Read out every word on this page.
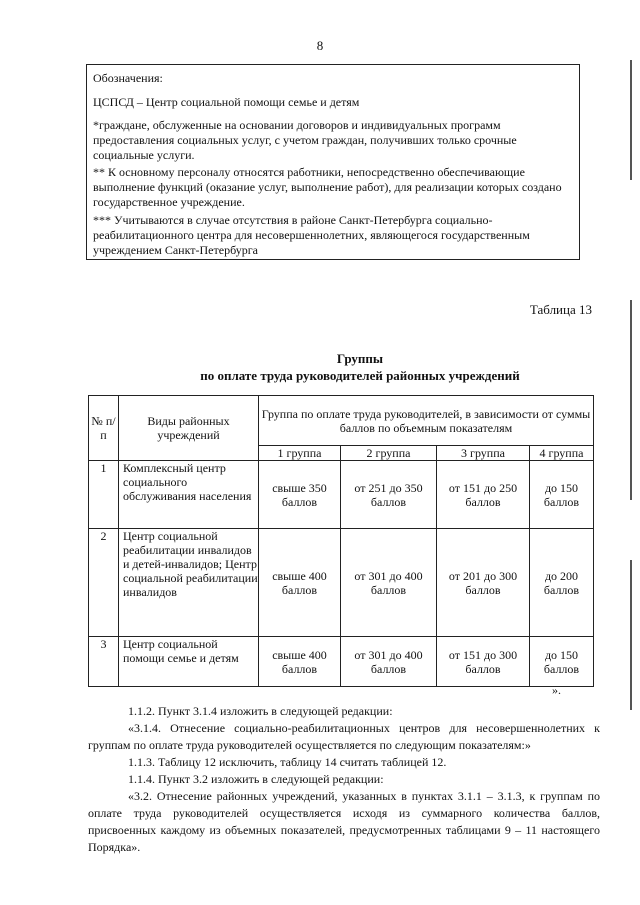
8

Обозначения:

ЦСПСД – Центр социальной помощи семье и детям

*граждане, обслуженные на основании договоров и индивидуальных программ предоставления социальных услуг, с учетом граждан, получивших только срочные социальные услуги.

** К основному персоналу относятся работники, непосредственно обеспечивающие выполнение функций (оказание услуг, выполнение работ), для реализации которых создано государственное учреждение.

*** Учитываются в случае отсутствия в районе Санкт-Петербурга социально-реабилитационного центра для несовершеннолетних, являющегося государственным учреждением Санкт-Петербурга

Таблица 13
Группы
по оплате труда руководителей районных учреждений
№ п/п	Виды районных учреждений	Группа по оплате труда руководителей, в зависимости от суммы баллов по объемным показателям			
		1 группа	2 группа	3 группа	4 группа
1	Комплексный центр социального обслуживания населения	свыше 350 баллов	от 251 до 350 баллов	от 151 до 250 баллов	до 150 баллов
2	Центр социальной реабилитации инвалидов и детей-инвалидов; Центр социальной реабилитации инвалидов	свыше 400 баллов	от 301 до 400 баллов	от 201 до 300 баллов	до 200 баллов
3	Центр социальной помощи семье и детям	свыше 400 баллов	от 301 до 400 баллов	от 151 до 300 баллов	до 150 баллов
».

1.1.2. Пункт 3.1.4 изложить в следующей редакции:

«3.1.4. Отнесение социально-реабилитационных центров для несовершеннолетних к группам по оплате труда руководителей осуществляется по следующим показателям:»

1.1.3. Таблицу 12 исключить, таблицу 14 считать таблицей 12.

1.1.4. Пункт 3.2 изложить в следующей редакции:

«3.2. Отнесение районных учреждений, указанных в пунктах 3.1.1 – 3.1.3, к группам по оплате труда руководителей осуществляется исходя из суммарного количества баллов, присвоенных каждому из объемных показателей, предусмотренных таблицами 9 – 11 настоящего Порядка».
